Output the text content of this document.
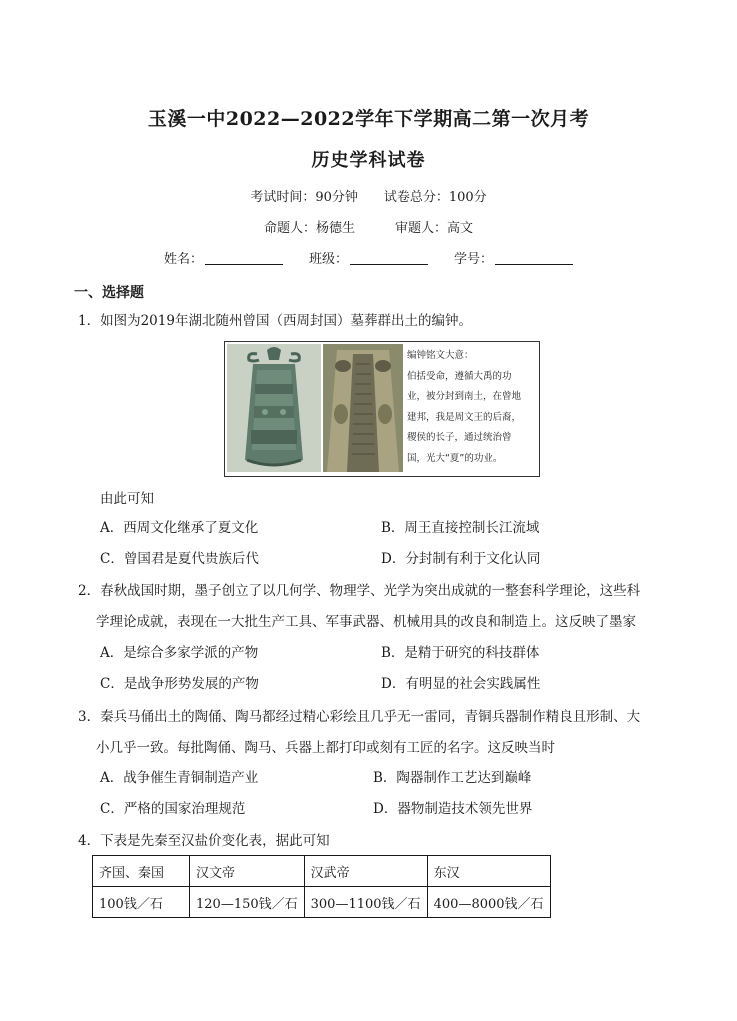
玉溪一中2022—2022学年下学期高二第一次月考
历史学科试卷
考试时间：90分钟 试卷总分：100分
命题人：杨德生	审题人：高文
姓名：	班级：	学号：
一、选择题
1．如图为2019年湖北随州曾国（西周封国）墓葬群出土的编钟。
编钟铭文大意：
伯括受命，遵循大禹的功
业，被分封到南土，在曾地
建邦，我是周文王的后裔，
稷侯的长子，通过统治曾
国，光大“夏”的功业。
由此可知
A．西周文化继承了夏文化	B．周王直接控制长江流域
C．曾国君是夏代贵族后代	D．分封制有利于文化认同
2．春秋战国时期，墨子创立了以几何学、物理学、光学为突出成就的一整套科学理论，这些科
学理论成就，表现在一大批生产工具、军事武器、机械用具的改良和制造上。这反映了墨家
A．是综合多家学派的产物	B．是精于研究的科技群体
C．是战争形势发展的产物	D．有明显的社会实践属性
3．秦兵马俑出土的陶俑、陶马都经过精心彩绘且几乎无一雷同，青铜兵器制作精良且形制、大
小几乎一致。每批陶俑、陶马、兵器上都打印或刻有工匠的名字。这反映当时
A．战争催生青铜制造产业	B．陶器制作工艺达到巅峰
C．严格的国家治理规范	D．器物制造技术领先世界
4．下表是先秦至汉盐价变化表，据此可知
齐国、秦国	汉文帝	汉武帝	东汉
100钱／石	120—150钱／石	300—1100钱／石	400—8000钱／石
